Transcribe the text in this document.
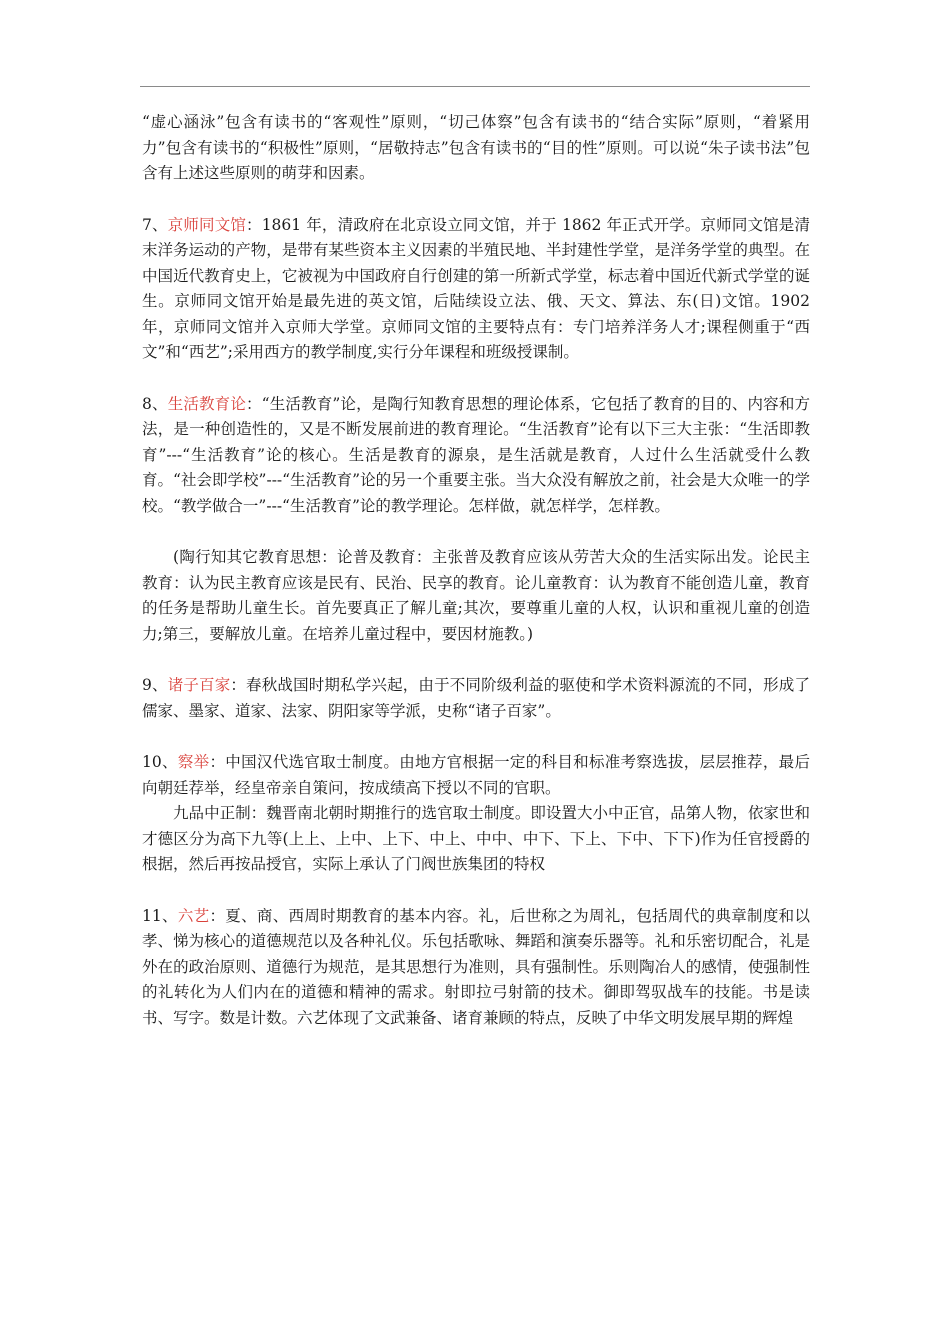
“虚心涵泳”包含有读书的“客观性”原则，“切己体察”包含有读书的“结合实际”原则，“着紧用力”包含有读书的“积极性”原则，“居敬持志”包含有读书的“目的性”原则。可以说“朱子读书法”包含有上述这些原则的萌芽和因素。

7、京师同文馆：1861 年，清政府在北京设立同文馆，并于 1862 年正式开学。京师同文馆是清末洋务运动的产物，是带有某些资本主义因素的半殖民地、半封建性学堂，是洋务学堂的典型。在中国近代教育史上，它被视为中国政府自行创建的第一所新式学堂，标志着中国近代新式学堂的诞生。京师同文馆开始是最先进的英文馆，后陆续设立法、俄、天文、算法、东(日)文馆。1902 年，京师同文馆并入京师大学堂。京师同文馆的主要特点有：专门培养洋务人才;课程侧重于“西文”和“西艺”;采用西方的教学制度,实行分年课程和班级授课制。

8、生活教育论：“生活教育”论，是陶行知教育思想的理论体系，它包括了教育的目的、内容和方法，是一种创造性的，又是不断发展前进的教育理论。“生活教育”论有以下三大主张：“生活即教育”---“生活教育”论的核心。生活是教育的源泉，是生活就是教育，人过什么生活就受什么教育。“社会即学校”---“生活教育”论的另一个重要主张。当大众没有解放之前，社会是大众唯一的学校。“教学做合一”---“生活教育”论的教学理论。怎样做，就怎样学，怎样教。

(陶行知其它教育思想：论普及教育：主张普及教育应该从劳苦大众的生活实际出发。论民主教育：认为民主教育应该是民有、民治、民享的教育。论儿童教育：认为教育不能创造儿童，教育的任务是帮助儿童生长。首先要真正了解儿童;其次，要尊重儿童的人权，认识和重视儿童的创造力;第三，要解放儿童。在培养儿童过程中，要因材施教。)

9、诸子百家：春秋战国时期私学兴起，由于不同阶级利益的驱使和学术资料源流的不同，形成了儒家、墨家、道家、法家、阴阳家等学派，史称“诸子百家”。

10、察举：中国汉代选官取士制度。由地方官根据一定的科目和标准考察选拔，层层推荐，最后向朝廷荐举，经皇帝亲自策问，按成绩高下授以不同的官职。

九品中正制：魏晋南北朝时期推行的选官取士制度。即设置大小中正官，品第人物，依家世和才德区分为高下九等(上上、上中、上下、中上、中中、中下、下上、下中、下下)作为任官授爵的根据，然后再按品授官，实际上承认了门阀世族集团的特权

11、六艺：夏、商、西周时期教育的基本内容。礼，后世称之为周礼，包括周代的典章制度和以孝、悌为核心的道德规范以及各种礼仪。乐包括歌咏、舞蹈和演奏乐器等。礼和乐密切配合，礼是外在的政治原则、道德行为规范，是其思想行为准则，具有强制性。乐则陶冶人的感情，使强制性的礼转化为人们内在的道德和精神的需求。射即拉弓射箭的技术。御即驾驭战车的技能。书是读书、写字。数是计数。六艺体现了文武兼备、诸育兼顾的特点，反映了中华文明发展早期的辉煌
